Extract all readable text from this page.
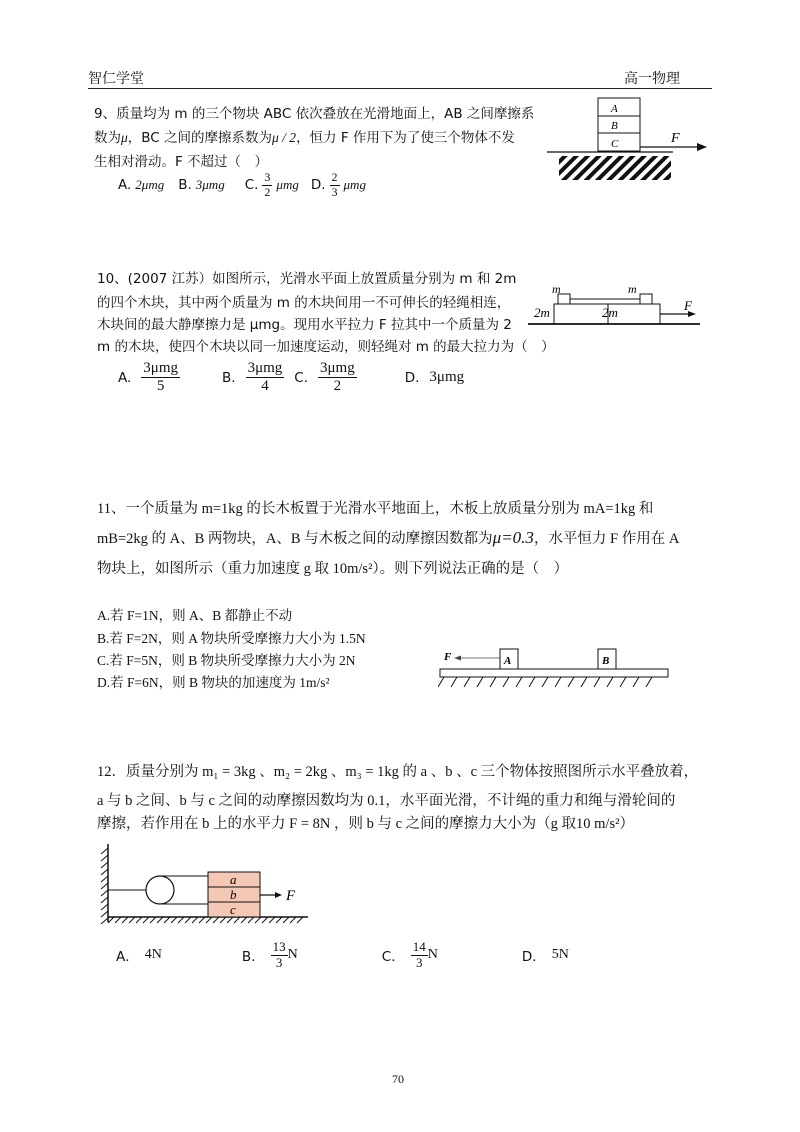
智仁学堂	高一物理
9、质量均为 m 的三个物块 ABC 依次叠放在光滑地面上，AB 之间摩擦系
数为μ，BC 之间的摩擦系数为μ / 2，恒力 F 作用下为了使三个物体不发
生相对滑动。F 不超过（　）
A. 2μmg B. 3μmg C. $\frac{3}{2}$ μmg D. $\frac{2}{3}$ μmg
A
B
C	F
10、(2007 江苏）如图所示，光滑水平面上放置质量分别为 m 和 2m
的四个木块，其中两个质量为 m 的木块间用一不可伸长的轻绳相连，
木块间的最大静摩擦力是 μmg。现用水平拉力 F 拉其中一个质量为 2
m 的木块，使四个木块以同一加速度运动，则轻绳对 m 的最大拉力为（　）
A. $\frac{\text{3μmg}}{5}$	B. $\frac{\text{3μmg}}{4} C$. $\frac{\text{3μmg}}{2}$	D. 3μmg
m	m
2m	2m	F
11、一个质量为 m=1kg 的长木板置于光滑水平地面上，木板上放质量分别为 mA=1kg 和
mB=2kg 的 A、B 两物块，A、B 与木板之间的动摩擦因数都为μ=0.3，水平恒力 F 作用在 A
物块上，如图所示（重力加速度 g 取 10m/s²）。则下列说法正确的是（　）
A.若 F=1N，则 A、B 都静止不动
B.若 F=2N，则 A 物块所受摩擦力大小为 1.5N
C.若 F=5N，则 B 物块所受摩擦力大小为 2N
D.若 F=6N，则 B 物块的加速度为 1m/s²
F	A	B
12．质量分别为 m₁ = 3kg 、m₂ = 2kg 、m₃ = 1kg 的 a 、b 、c 三个物体按照图所示水平叠放着，
a 与 b 之间、b 与 c 之间的动摩擦因数均为 0.1，水平面光滑，不计绳的重力和绳与滑轮间的
摩擦，若作用在 b 上的水平力 F = 8N ，则 b 与 c 之间的摩擦力大小为（g 取10 m/s²）
a
b
c
F
A． 4N	B． $\frac{13}{3}$ N	C． $\frac{14}{3}$ N	D． 5N
70
